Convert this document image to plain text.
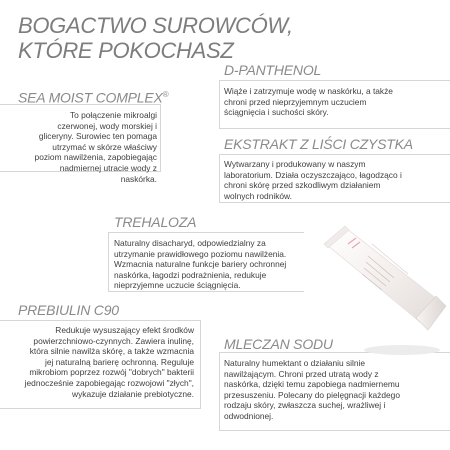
BOGACTWO SUROWCÓW,
KTÓRE POKOCHASZ
SEA MOIST COMPLEX®

To połączenie mikroalgi czerwonej, wody morskiej i gliceryny. Surowiec ten pomaga utrzymać w skórze właściwy poziom nawilżenia, zapobiegając nadmiernej utracie wody z naskórka.

D-PANTHENOL

Wiąże i zatrzymuje wodę w naskórku, a także chroni przed nieprzyjemnym uczuciem ściągnięcia i suchości skóry.

EKSTRAKT Z LIŚCI CZYSTKA

Wytwarzany i produkowany w naszym laboratorium. Działa oczyszczająco, łagodząco i chroni skórę przed szkodliwym działaniem wolnych rodników.

TREHALOZA

Naturalny disacharyd, odpowiedzialny za utrzymanie prawidłowego poziomu nawilżenia. Wzmacnia naturalne funkcje bariery ochronnej naskórka, łagodzi podrażnienia, redukuje nieprzyjemne uczucie ściągnięcia.

PREBIULIN C90

Redukuje wysuszający efekt środków powierzchniowo-czynnych. Zawiera inulinę, która silnie nawilża skórę, a także wzmacnia jej naturalną barierę ochronną. Reguluje mikrobiom poprzez rozwój "dobrych" bakterii jednocześnie zapobiegając rozwojowi "złych", wykazuje działanie prebiotyczne.

MLECZAN SODU

Naturalny humektant o działaniu silnie nawilżającym. Chroni przed utratą wody z naskórka, dzięki temu zapobiega nadmiernemu przesuszeniu. Polecany do pielęgnacji każdego rodzaju skóry, zwłaszcza suchej, wrażliwej i odwodnionej.
